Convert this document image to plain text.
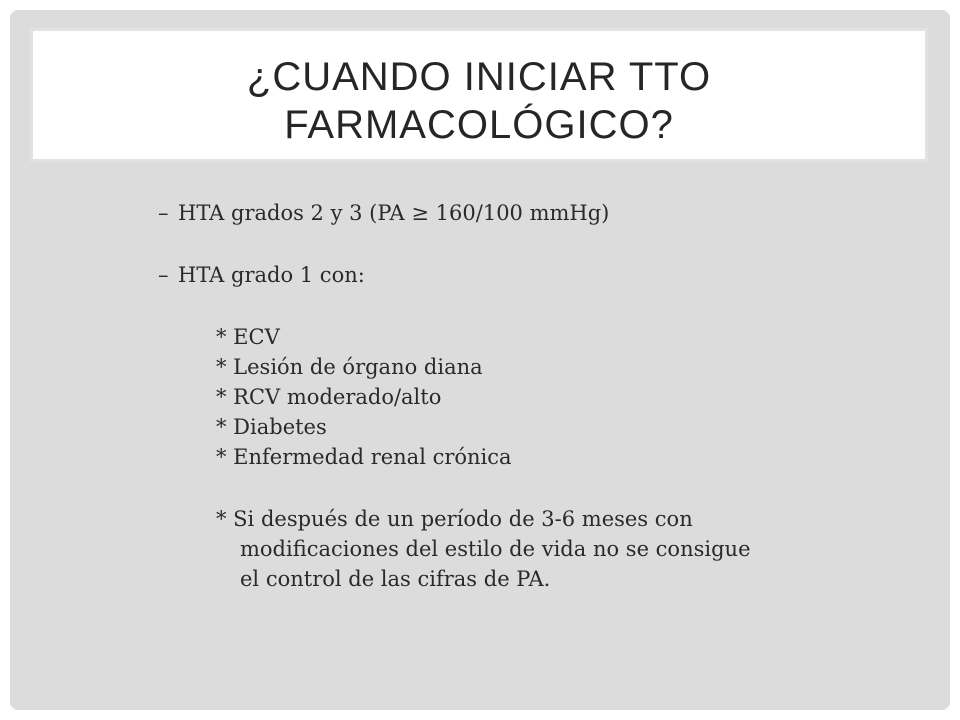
¿CUANDO INICIAR TTO
FARMACOLÓGICO?
– HTA grados 2 y 3 (PA ≥ 160/100 mmHg)
– HTA grado 1 con:
* ECV
* Lesión de órgano diana
* RCV moderado/alto
* Diabetes
* Enfermedad renal crónica
* Si después de un período de 3-6 meses con
modificaciones del estilo de vida no se consigue
el control de las cifras de PA.
